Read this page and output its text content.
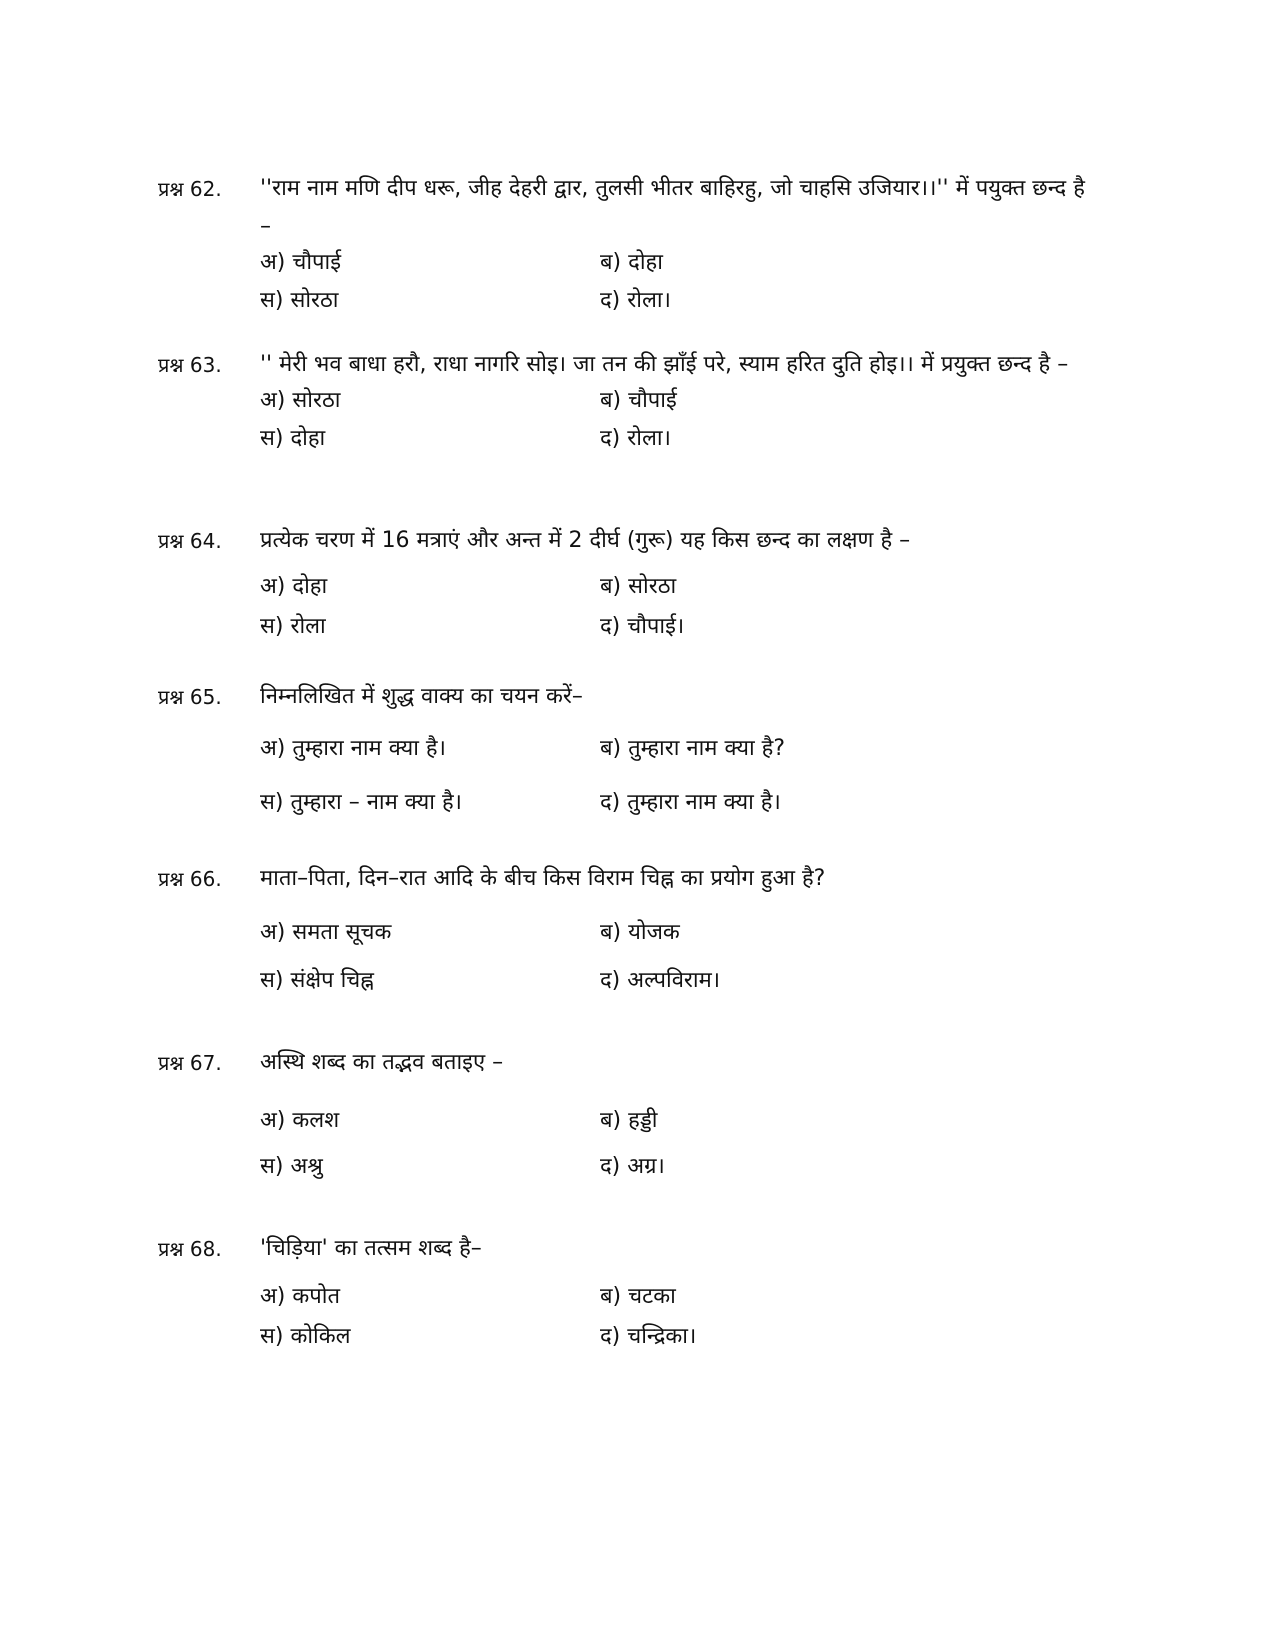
प्रश्न 62.	''राम नाम मणि दीप धरू, जीह देहरी द्वार, तुलसी भीतर बाहिरहु, जो चाहसि उजियार।।'' में पयुक्त छन्द है –
अ) चौपाई	ब) दोहा
स) सोरठा	द) रोला।
प्रश्न 63.	'' मेरी भव बाधा हरौ, राधा नागरि सोइ। जा तन की झाँई परे, स्याम हरित दुति होइ।। में प्रयुक्त छन्द है –
अ) सोरठा	ब) चौपाई
स) दोहा	द) रोला।
प्रश्न 64.	प्रत्येक चरण में 16 मत्राएं और अन्त में 2 दीर्घ (गुरू) यह किस छन्द का लक्षण है –
अ) दोहा	ब) सोरठा
स) रोला	द) चौपाई।
प्रश्न 65.	निम्नलिखित में शुद्ध वाक्य का चयन करें–
अ) तुम्हारा नाम क्या है।	ब) तुम्हारा नाम क्या है?
स) तुम्हारा – नाम क्या है।	द) तुम्हारा नाम क्या है।
प्रश्न 66.	माता–पिता, दिन–रात आदि के बीच किस विराम चिह्न का प्रयोग हुआ है?
अ) समता सूचक	ब) योजक
स) संक्षेप चिह्न	द) अल्पविराम।
प्रश्न 67.	अस्थि शब्द का तद्भव बताइए –
अ) कलश	ब) हड्डी
स) अश्रु	द) अग्र।
प्रश्न 68.	'चिड़िया' का तत्सम शब्द है–
अ) कपोत	ब) चटका
स) कोकिल	द) चन्द्रिका।
